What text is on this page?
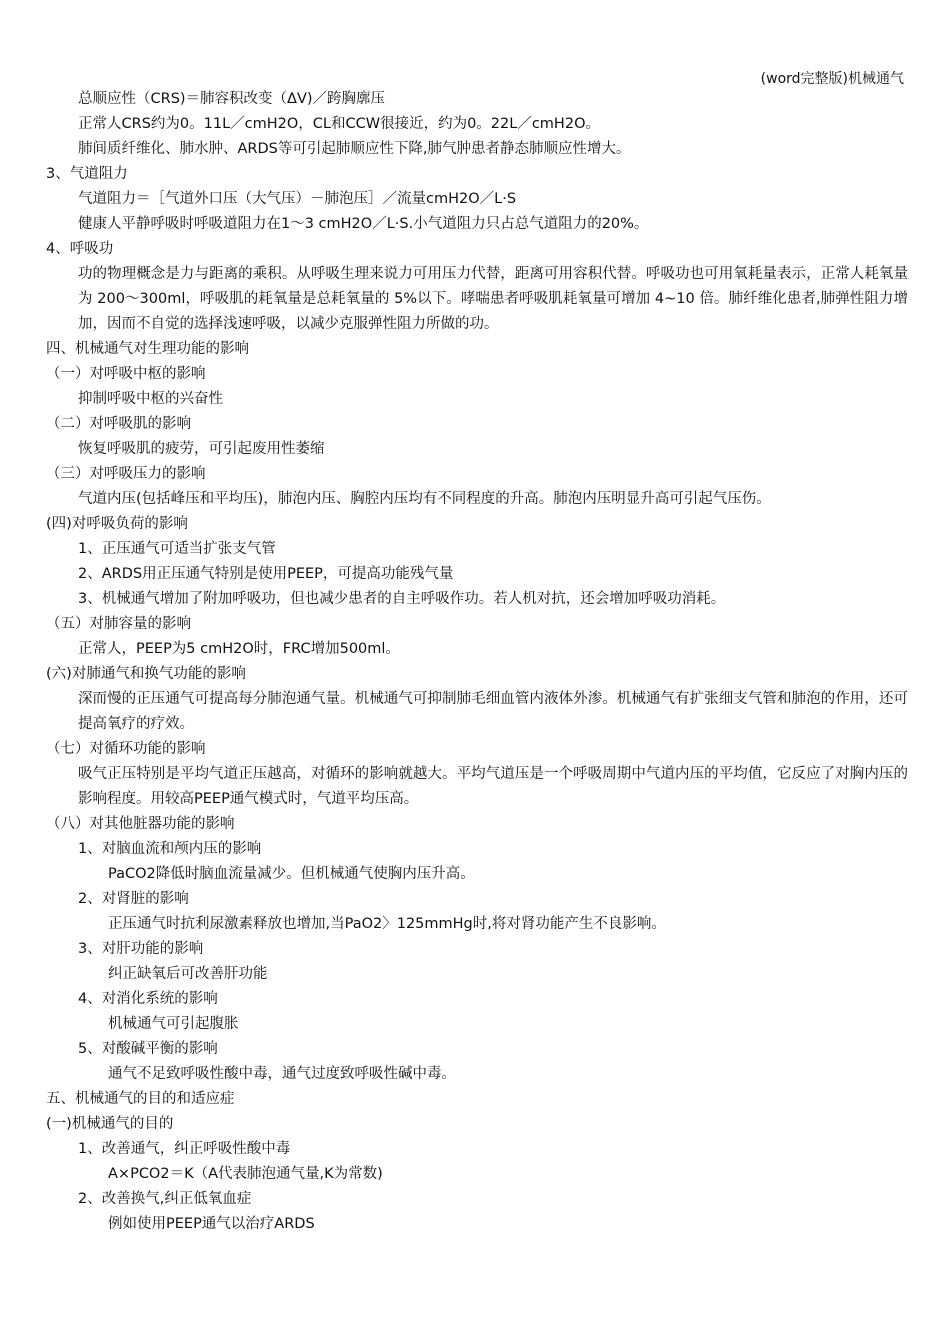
(word完整版)机械通气
总顺应性（CRS)＝肺容积改变（ΔV)／跨胸廓压
正常人CRS约为0。11L／cmH2O，CL和CCW很接近，约为0。22L／cmH2O。
肺间质纤维化、肺水肿、ARDS等可引起肺顺应性下降,肺气肿患者静态肺顺应性增大。
3、气道阻力
气道阻力＝［气道外口压（大气压）－肺泡压］／流量cmH2O／L·S
健康人平静呼吸时呼吸道阻力在1～3 cmH2O／L·S.小气道阻力只占总气道阻力的20%。
4、呼吸功
功的物理概念是力与距离的乘积。从呼吸生理来说力可用压力代替，距离可用容积代替。呼吸功也可用氧耗量表示，正常人耗氧量为 200～300ml，呼吸肌的耗氧量是总耗氧量的 5%以下。哮喘患者呼吸肌耗氧量可增加 4~10 倍。肺纤维化患者,肺弹性阻力增加，因而不自觉的选择浅速呼吸，以减少克服弹性阻力所做的功。
四、机械通气对生理功能的影响
（一）对呼吸中枢的影响
抑制呼吸中枢的兴奋性
（二）对呼吸肌的影响
恢复呼吸肌的疲劳，可引起废用性萎缩
（三）对呼吸压力的影响
气道内压(包括峰压和平均压)，肺泡内压、胸腔内压均有不同程度的升高。肺泡内压明显升高可引起气压伤。
(四)对呼吸负荷的影响
1、正压通气可适当扩张支气管
2、ARDS用正压通气特别是使用PEEP，可提高功能残气量
3、机械通气增加了附加呼吸功，但也减少患者的自主呼吸作功。若人机对抗，还会增加呼吸功消耗。
（五）对肺容量的影响
正常人，PEEP为5 cmH2O时，FRC增加500ml。
(六)对肺通气和换气功能的影响
深而慢的正压通气可提高每分肺泡通气量。机械通气可抑制肺毛细血管内液体外渗。机械通气有扩张细支气管和肺泡的作用，还可提高氧疗的疗效。
（七）对循环功能的影响
吸气正压特别是平均气道正压越高，对循环的影响就越大。平均气道压是一个呼吸周期中气道内压的平均值，它反应了对胸内压的影响程度。用较高PEEP通气模式时，气道平均压高。
（八）对其他脏器功能的影响
1、对脑血流和颅内压的影响
PaCO2降低时脑血流量减少。但机械通气使胸内压升高。
2、对肾脏的影响
正压通气时抗利尿激素释放也增加,当PaO2〉125mmHg时,将对肾功能产生不良影响。
3、对肝功能的影响
纠正缺氧后可改善肝功能
4、对消化系统的影响
机械通气可引起腹胀
5、对酸碱平衡的影响
通气不足致呼吸性酸中毒，通气过度致呼吸性碱中毒。
五、机械通气的目的和适应症
(一)机械通气的目的
1、改善通气，纠正呼吸性酸中毒
A×PCO2＝K（A代表肺泡通气量,K为常数)
2、改善换气,纠正低氧血症
例如使用PEEP通气以治疗ARDS
